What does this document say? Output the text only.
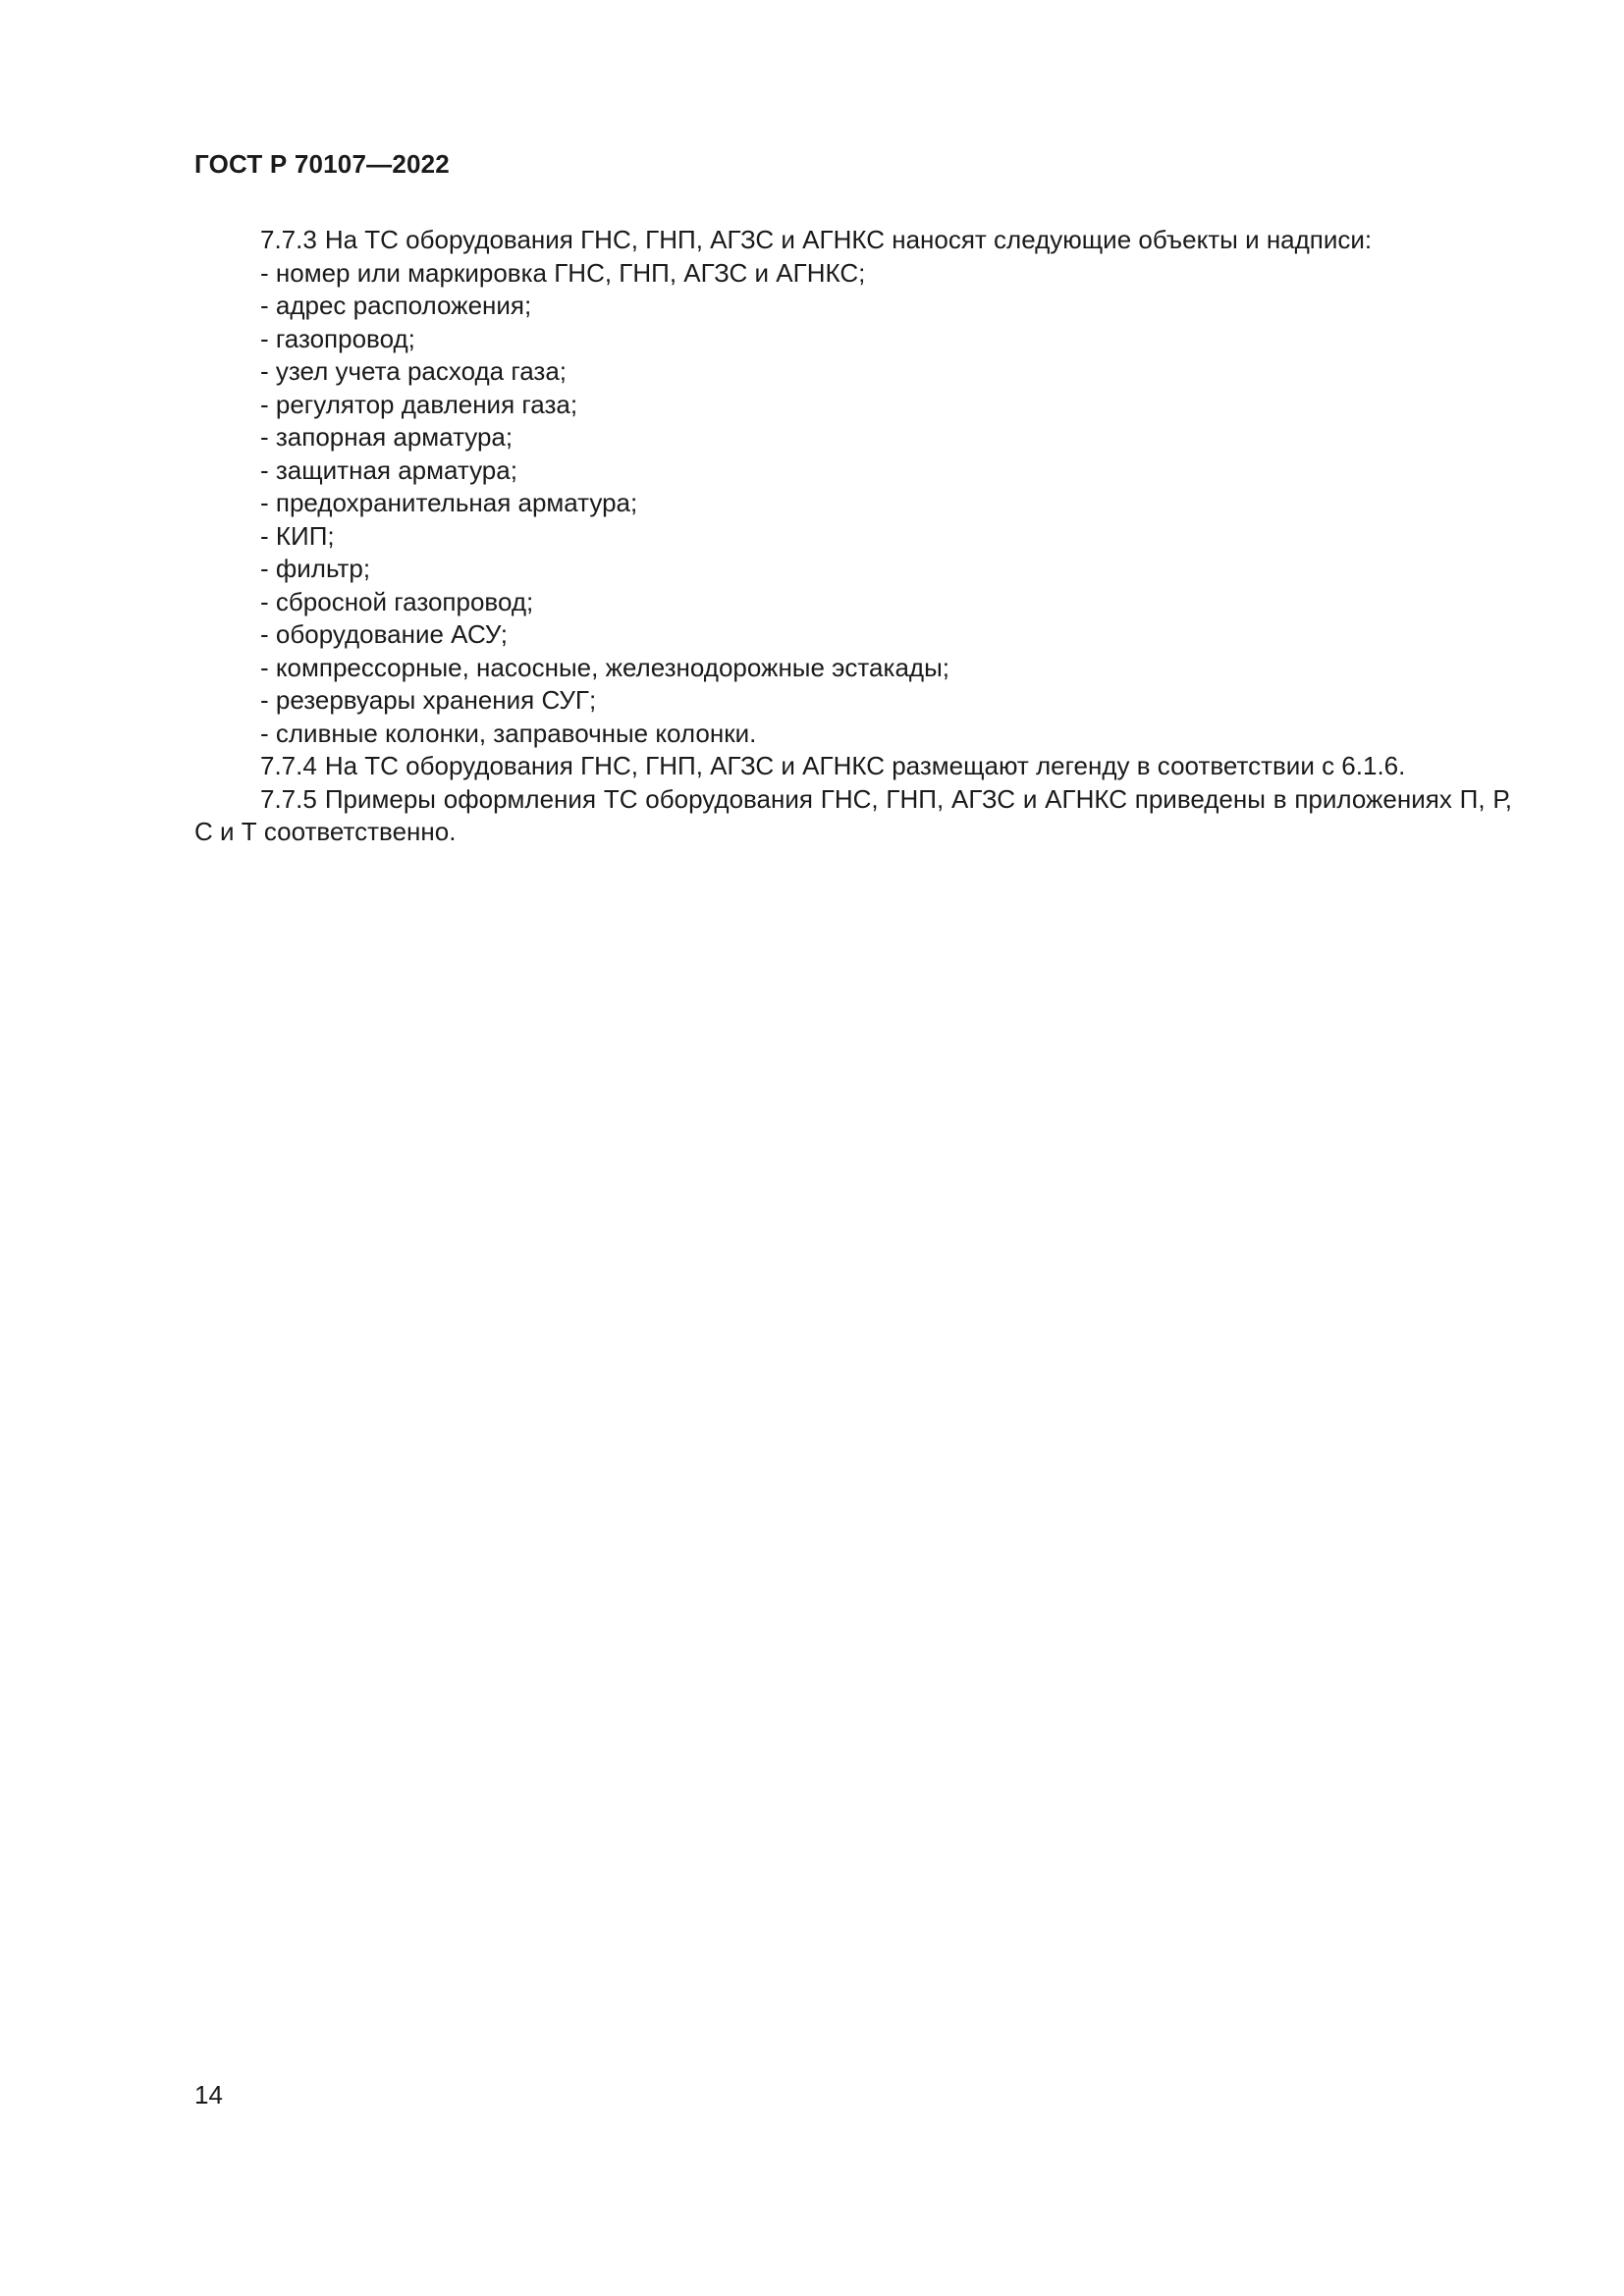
ГОСТ Р 70107—2022

7.7.3 На ТС оборудования ГНС, ГНП, АГЗС и АГНКС наносят следующие объекты и надписи:

- номер или маркировка ГНС, ГНП, АГЗС и АГНКС;
- адрес расположения;
- газопровод;
- узел учета расхода газа;
- регулятор давления газа;
- запорная арматура;
- защитная арматура;
- предохранительная арматура;
- КИП;
- фильтр;
- сбросной газопровод;
- оборудование АСУ;
- компрессорные, насосные, железнодорожные эстакады;
- резервуары хранения СУГ;
- сливные колонки, заправочные колонки.

7.7.4 На ТС оборудования ГНС, ГНП, АГЗС и АГНКС размещают легенду в соответствии с 6.1.6.

7.7.5 Примеры оформления ТС оборудования ГНС, ГНП, АГЗС и АГНКС приведены в приложениях П, Р, С и Т соответственно.

14
